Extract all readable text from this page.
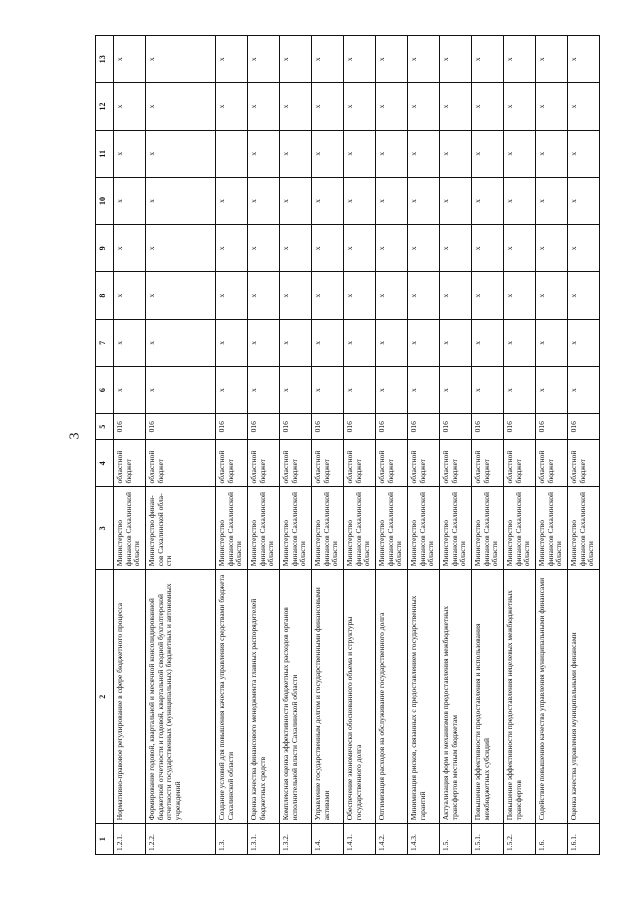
3
1	2	3	4	5	6	7	8	9	10	11	12	13
1.2.1.	Нормативно-правовое регулирование в сфере бюджетного процесса	Министерство финансов Сахалинской области	областной бюджет	016	x	x	x	x	x	x	x	x
1.2.2.	Формирование годовой, квартальной и месячной консолидированной бюджетной отчетности и годовой, квартальной сводной бухгалтерской отчетности государственных (муниципальных) бюджетных и автономных учреждений	Министерство финан-сов Сахалинской обла-сти	областной бюджет	016	x	x	x	x	x	x	x	x
1.3.	Создание условий для повышения качества управления средствами бюджета Сахалинской области	Министерство финансов Сахалинской области	областной бюджет	016	x	x	x	x	x		x	x
1.3.1.	Оценка качества финансового менеджмента главных распорядителей бюджетных средств	Министерство финансов Сахалинской области	областной бюджет	016	x	x	x	x	x	x	x	x
1.3.2.	Комплексная оценка эффективности бюджетных расходов органов исполнительной власти Сахалинской области	Министерство финансов Сахалинской области	областной бюджет	016	x	x	x	x	x	x	x	x
1.4.	Управление государственным долгом и государственными финансовыми активами	Министерство финансов Сахалинской области	областной бюджет	016	x	x	x	x	x	x	x	x
1.4.1.	Обеспечение экономически обоснованного объема и структуры государственного долга	Министерство финансов Сахалинской области	областной бюджет	016	x	x	x	x	x	x	x	x
1.4.2.	Оптимизация расходов на обслуживание государственного долга	Министерство финансов Сахалинской области	областной бюджет	016	x	x	x	x	x	x	x	x
1.4.3.	Минимизация рисков, связанных с предоставлением государственных гарантий	Министерство финансов Сахалинской области	областной бюджет	016	x	x	x	x	x	x	x	x
1.5.	Актуализация форм и механизмов предоставления межбюджетных трансфертов местным бюджетам	Министерство финансов Сахалинской области	областной бюджет	016	x	x	x	x	x	x	x	x
1.5.1.	Повышение эффективности предоставления и использования межбюджетных субсидий	Министерство финансов Сахалинской области	областной бюджет	016	x	x	x	x	x	x	x	x
1.5.2.	Повышение эффективности предоставления нецелевых межбюджетных трансфертов	Министерство финансов Сахалинской области	областной бюджет	016	x	x	x	x	x	x	x	x
1.6.	Содействие повышению качества управления муниципальными финансами	Министерство финансов Сахалинской области	областной бюджет	016	x	x	x	x	x	x	x	x
1.6.1.	Оценка качества управления муниципальными финансами	Министерство финансов Сахалинской области	областной бюджет	016	x	x	x	x	x	x	x	x
